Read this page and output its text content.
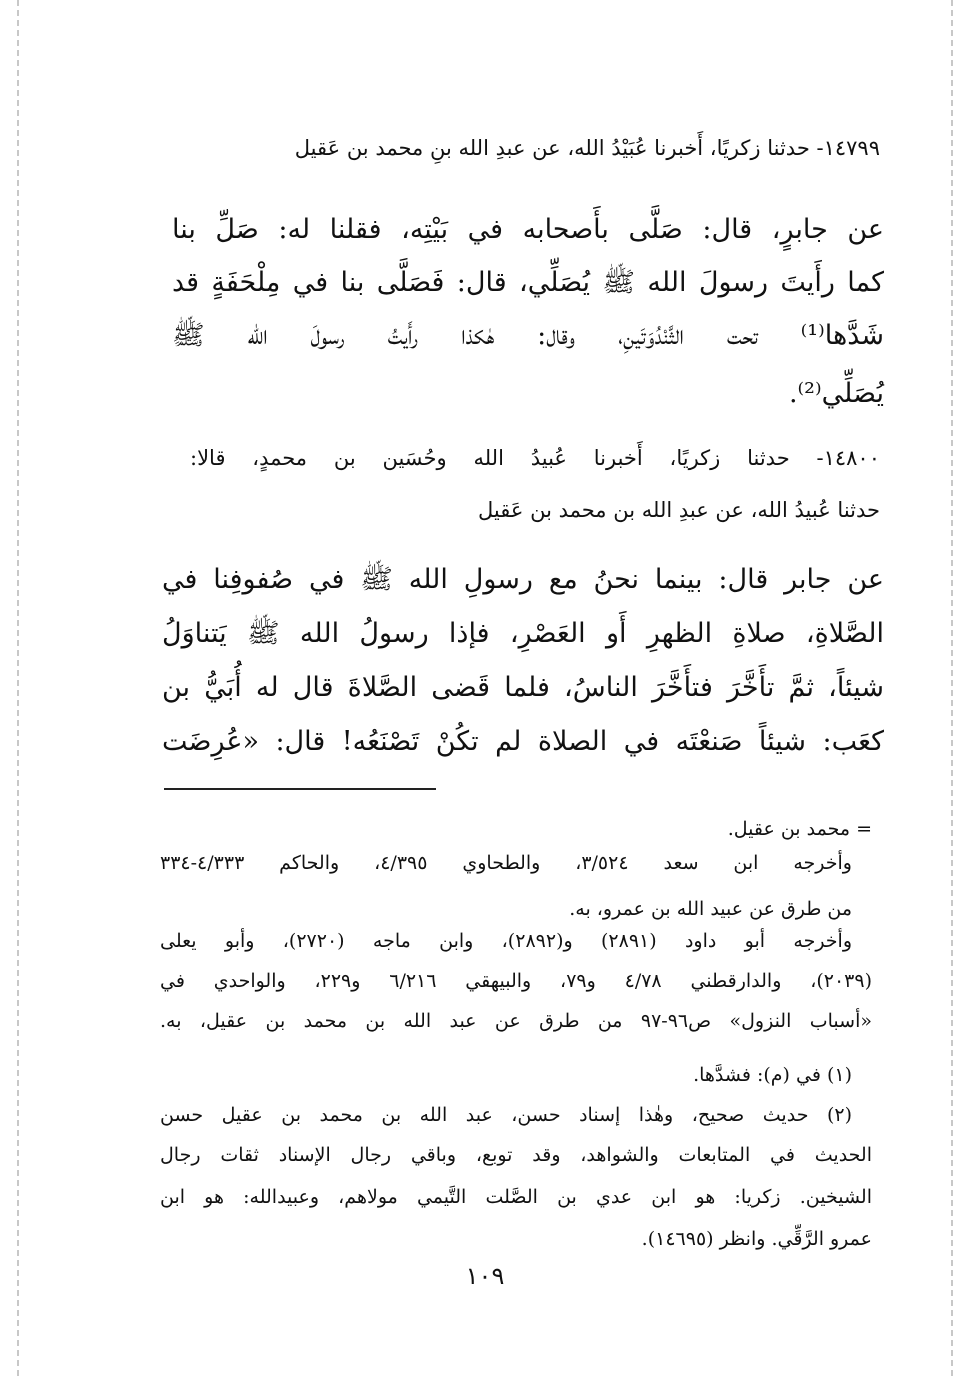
١٤٧٩٩- حدثنا زكريًا، أَخبرنا عُبَيْدُ الله، عن عبدِ الله بنِ محمد بن عَقيل
عن جابرٍ، قال: صَلَّى بأَصحابه في بَيْتِه، فقلنا له: صَلِّ بنا
كما رأَيتَ رسولَ الله ﷺ يُصَلِّي، قال: فَصَلَّى بنا في مِلْحَفَةٍ قد
شَدَّها⁽¹⁾ تحت الثَّنْدُوَتَينِ، وقال: هٰكذا رأَيتُ رسولَ الله ﷺ
يُصَلِّي⁽²⁾.
١٤٨٠٠- حدثنا زكريًا، أَخبرنا عُبيدُ الله وحُسَين بن محمدٍ، قالا:
حدثنا عُبيدُ الله، عن عبدِ الله بن محمد بن عَقيل
عن جابر قال: بينما نحنُ مع رسولِ الله ﷺ في صُفوفِنا في
الصَّلاةِ، صلاةِ الظهرِ أَو العَصْرِ، فإذا رسولُ الله ﷺ يَتناوَلُ
شيئاً، ثمَّ تأَخَّرَ فتأَخَّرَ الناسُ، فلما قَضى الصَّلاةَ قال له أُبَيُّ بن
كعَب: شيئاً صَنعْتَه في الصلاة لم تكُنْ تَصْنَعُه! قال: «عُرِضَت
= محمد بن عقيل.
وأخرجه ابن سعد ٣/٥٢٤، والطحاوي ٤/٣٩٥، والحاكم ٤/٣٣٣-٣٣٤
من طرق عن عبيد الله بن عمرو، به.
وأخرجه أبو داود (٢٨٩١) و(٢٨٩٢)، وابن ماجه (٢٧٢٠)، وأبو يعلى
(٢٠٣٩)، والدارقطني ٤/٧٨ و٧٩، والبيهقي ٦/٢١٦ و٢٢٩، والواحدي في
«أسباب النزول» ص٩٦-٩٧ من طرق عن عبد الله بن محمد بن عقيل، به.
(١) في (م): فشدَّها.
(٢) حديث صحيح، وهٰذا إسناد حسن، عبد الله بن محمد بن عقيل حسن
الحديث في المتابعات والشواهد، وقد توبع، وباقي رجال الإسناد ثقات رجال
الشيخين. زكريا: هو ابن عدي بن الصَّلت التَّيمي مولاهم، وعبيدالله: هو ابن
عمرو الرَّقِّي. وانظر (١٤٦٩٥).
١٠٩
